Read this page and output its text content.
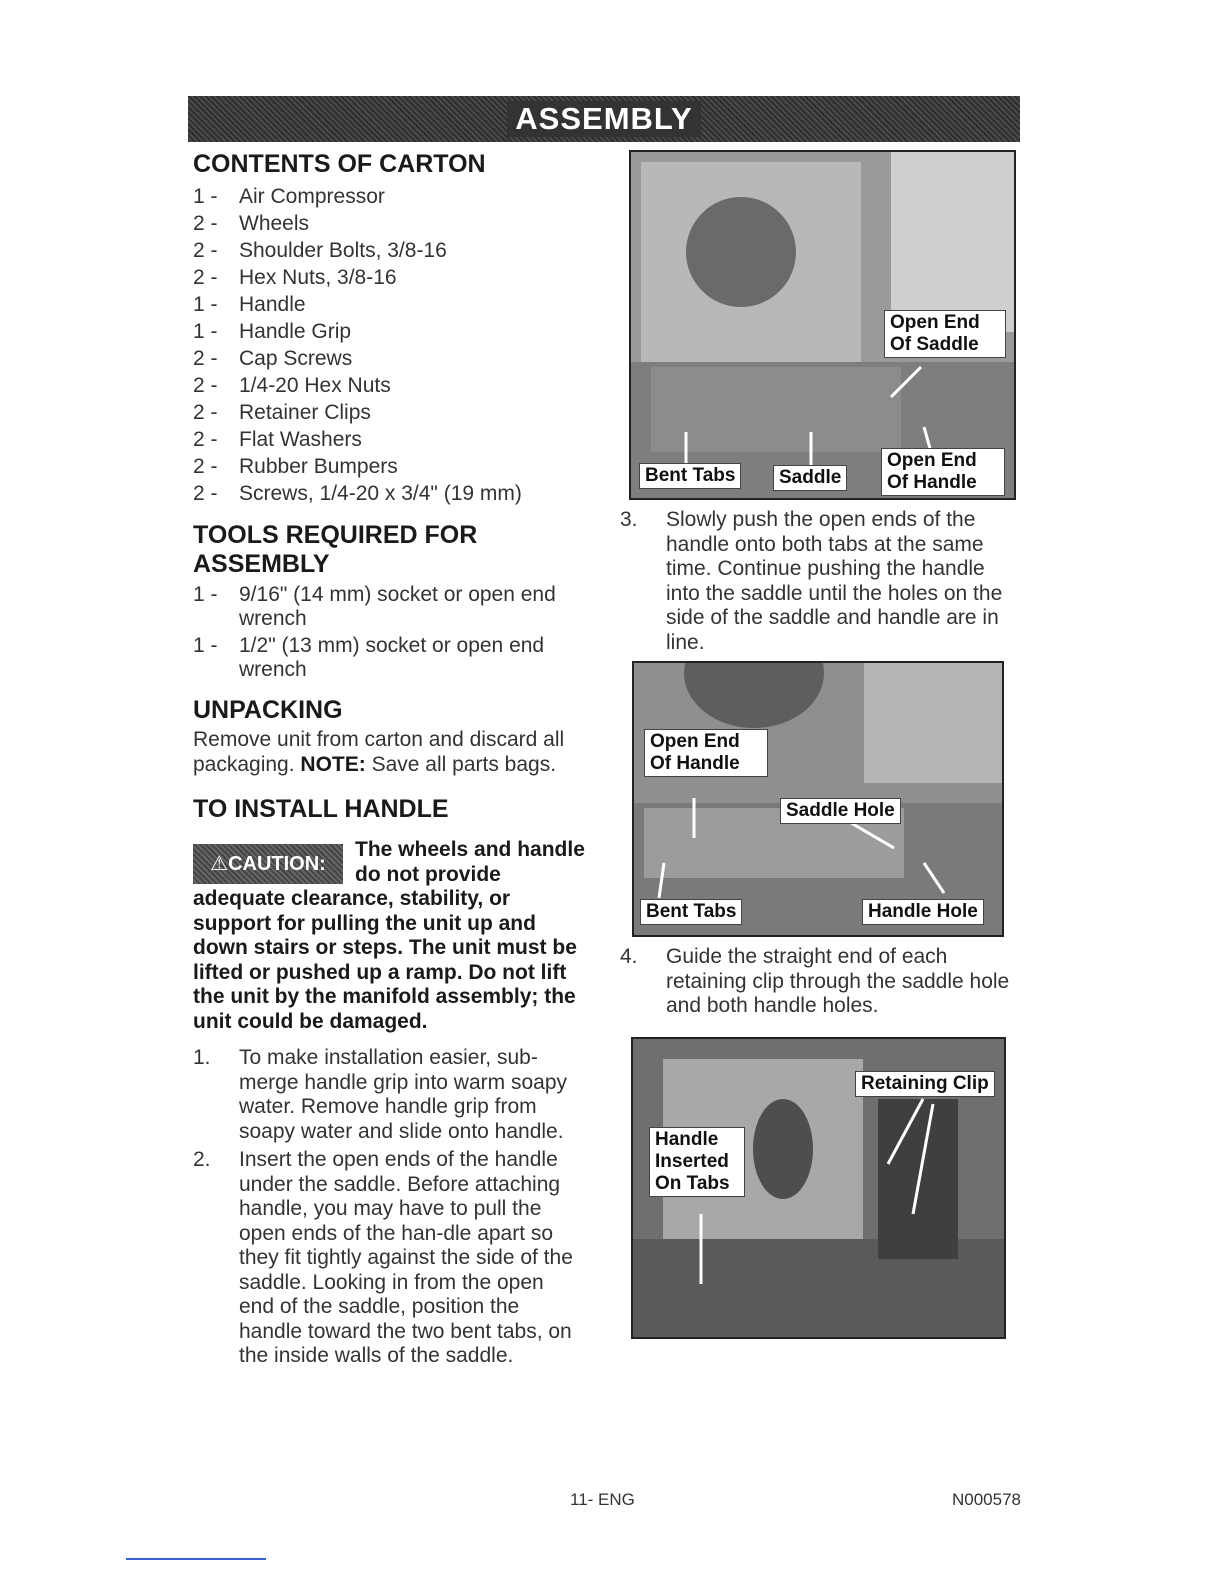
ASSEMBLY
CONTENTS OF CARTON
1 -	Air Compressor
2 -	Wheels
2 -	Shoulder Bolts, 3/8-16
2 -	Hex Nuts, 3/8-16
1 -	Handle
1 -	Handle Grip
2 -	Cap Screws
2 -	1/4-20 Hex Nuts
2 -	Retainer Clips
2 -	Flat Washers
2 -	Rubber Bumpers
2 -	Screws, 1/4-20 x 3/4" (19 mm)
TOOLS REQUIRED FOR ASSEMBLY
1 -	9/16" (14 mm) socket or open end wrench
1 -	1/2" (13 mm) socket or open end wrench
UNPACKING

Remove unit from carton and discard all packaging. NOTE: Save all parts bags.

TO INSTALL HANDLE
⚠CAUTION:
The wheels and handle do not provide adequate clearance, stability, or support for pulling the unit up and down stairs or steps. The unit must be lifted or pushed up a ramp. Do not lift the unit by the manifold assembly; the unit could be damaged.
1.	To make installation easier, sub-merge handle grip into warm soapy water. Remove handle grip from soapy water and slide onto handle.
2.	Insert the open ends of the handle under the saddle. Before attaching handle, you may have to pull the open ends of the han-dle apart so they fit tightly against the side of the saddle. Looking in from the open end of the saddle, position the handle toward the two bent tabs, on the inside walls of the saddle.
Open End Of Saddle
Bent Tabs	Saddle
Open End Of Handle
3.	Slowly push the open ends of the handle onto both tabs at the same time. Continue pushing the handle into the saddle until the holes on the side of the saddle and handle are in line.
Open End Of Handle
Saddle Hole
Bent Tabs	Handle Hole
4.	Guide the straight end of each retaining clip through the saddle hole and both handle holes.
Retaining Clip
Handle Inserted On Tabs
11- ENG	N000578
